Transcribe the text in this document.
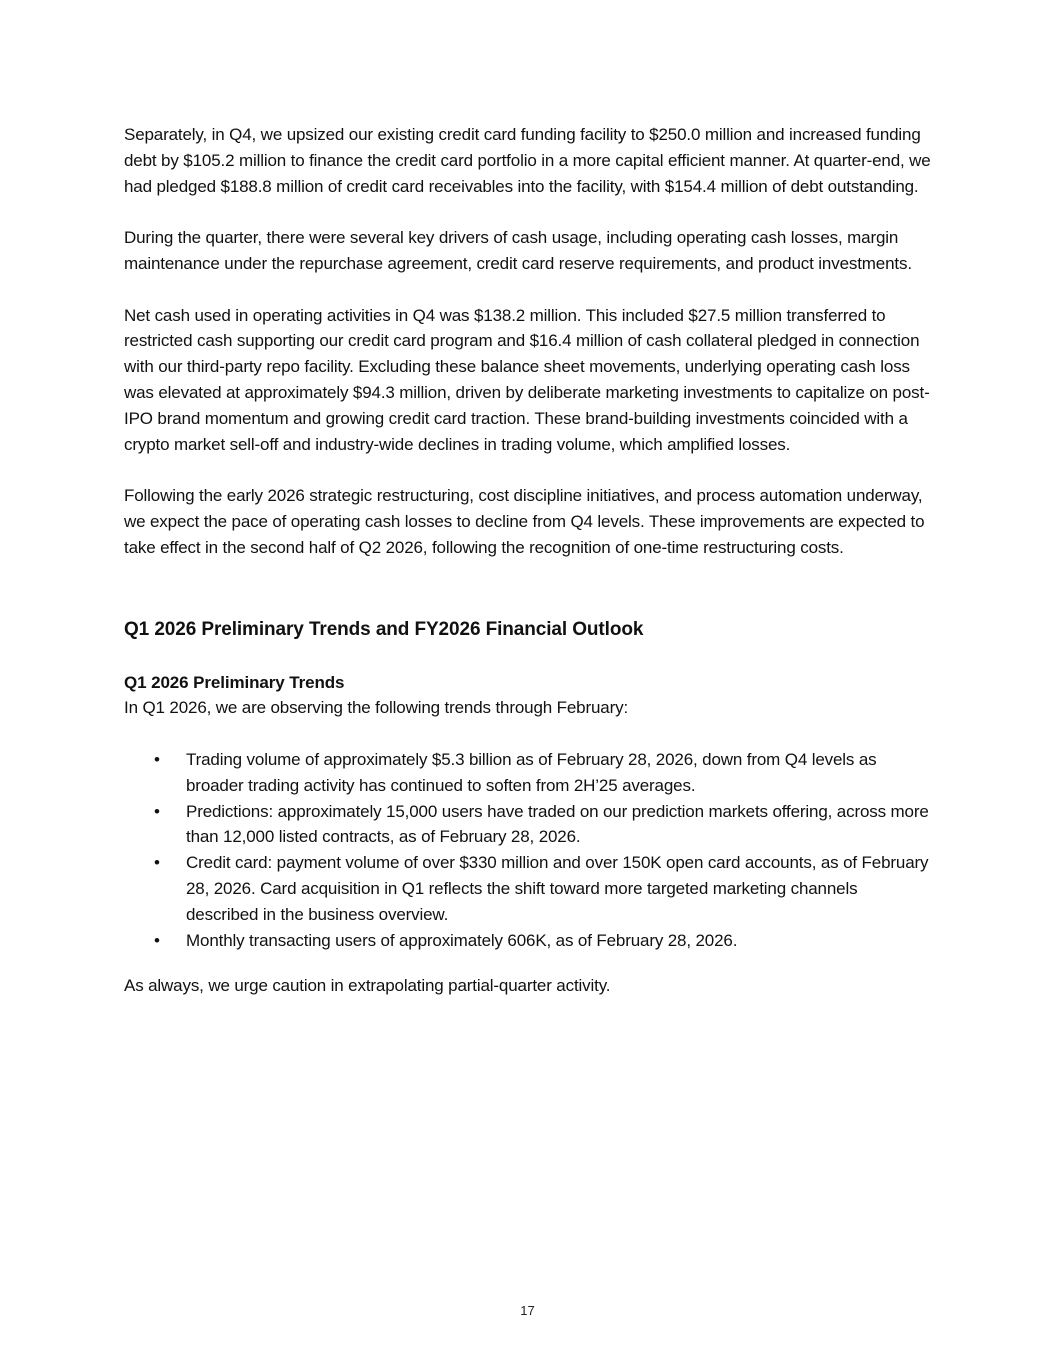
Separately, in Q4, we upsized our existing credit card funding facility to $250.0 million and increased funding debt by $105.2 million to finance the credit card portfolio in a more capital efficient manner. At quarter-end, we had pledged $188.8 million of credit card receivables into the facility, with $154.4 million of debt outstanding.

During the quarter, there were several key drivers of cash usage, including operating cash losses, margin maintenance under the repurchase agreement, credit card reserve requirements, and product investments.

Net cash used in operating activities in Q4 was $138.2 million. This included $27.5 million transferred to restricted cash supporting our credit card program and $16.4 million of cash collateral pledged in connection with our third-party repo facility. Excluding these balance sheet movements, underlying operating cash loss was elevated at approximately $94.3 million, driven by deliberate marketing investments to capitalize on post-IPO brand momentum and growing credit card traction. These brand-building investments coincided with a crypto market sell-off and industry-wide declines in trading volume, which amplified losses.

Following the early 2026 strategic restructuring, cost discipline initiatives, and process automation underway, we expect the pace of operating cash losses to decline from Q4 levels. These improvements are expected to take effect in the second half of Q2 2026, following the recognition of one-time restructuring costs.

Q1 2026 Preliminary Trends and FY2026 Financial Outlook
Q1 2026 Preliminary Trends

In Q1 2026, we are observing the following trends through February:

• Trading volume of approximately $5.3 billion as of February 28, 2026, down from Q4 levels as broader trading activity has continued to soften from 2H’25 averages.
• Predictions: approximately 15,000 users have traded on our prediction markets offering, across more than 12,000 listed contracts, as of February 28, 2026.
• Credit card: payment volume of over $330 million and over 150K open card accounts, as of February 28, 2026. Card acquisition in Q1 reflects the shift toward more targeted marketing channels described in the business overview.
• Monthly transacting users of approximately 606K, as of February 28, 2026.

As always, we urge caution in extrapolating partial-quarter activity.

17
